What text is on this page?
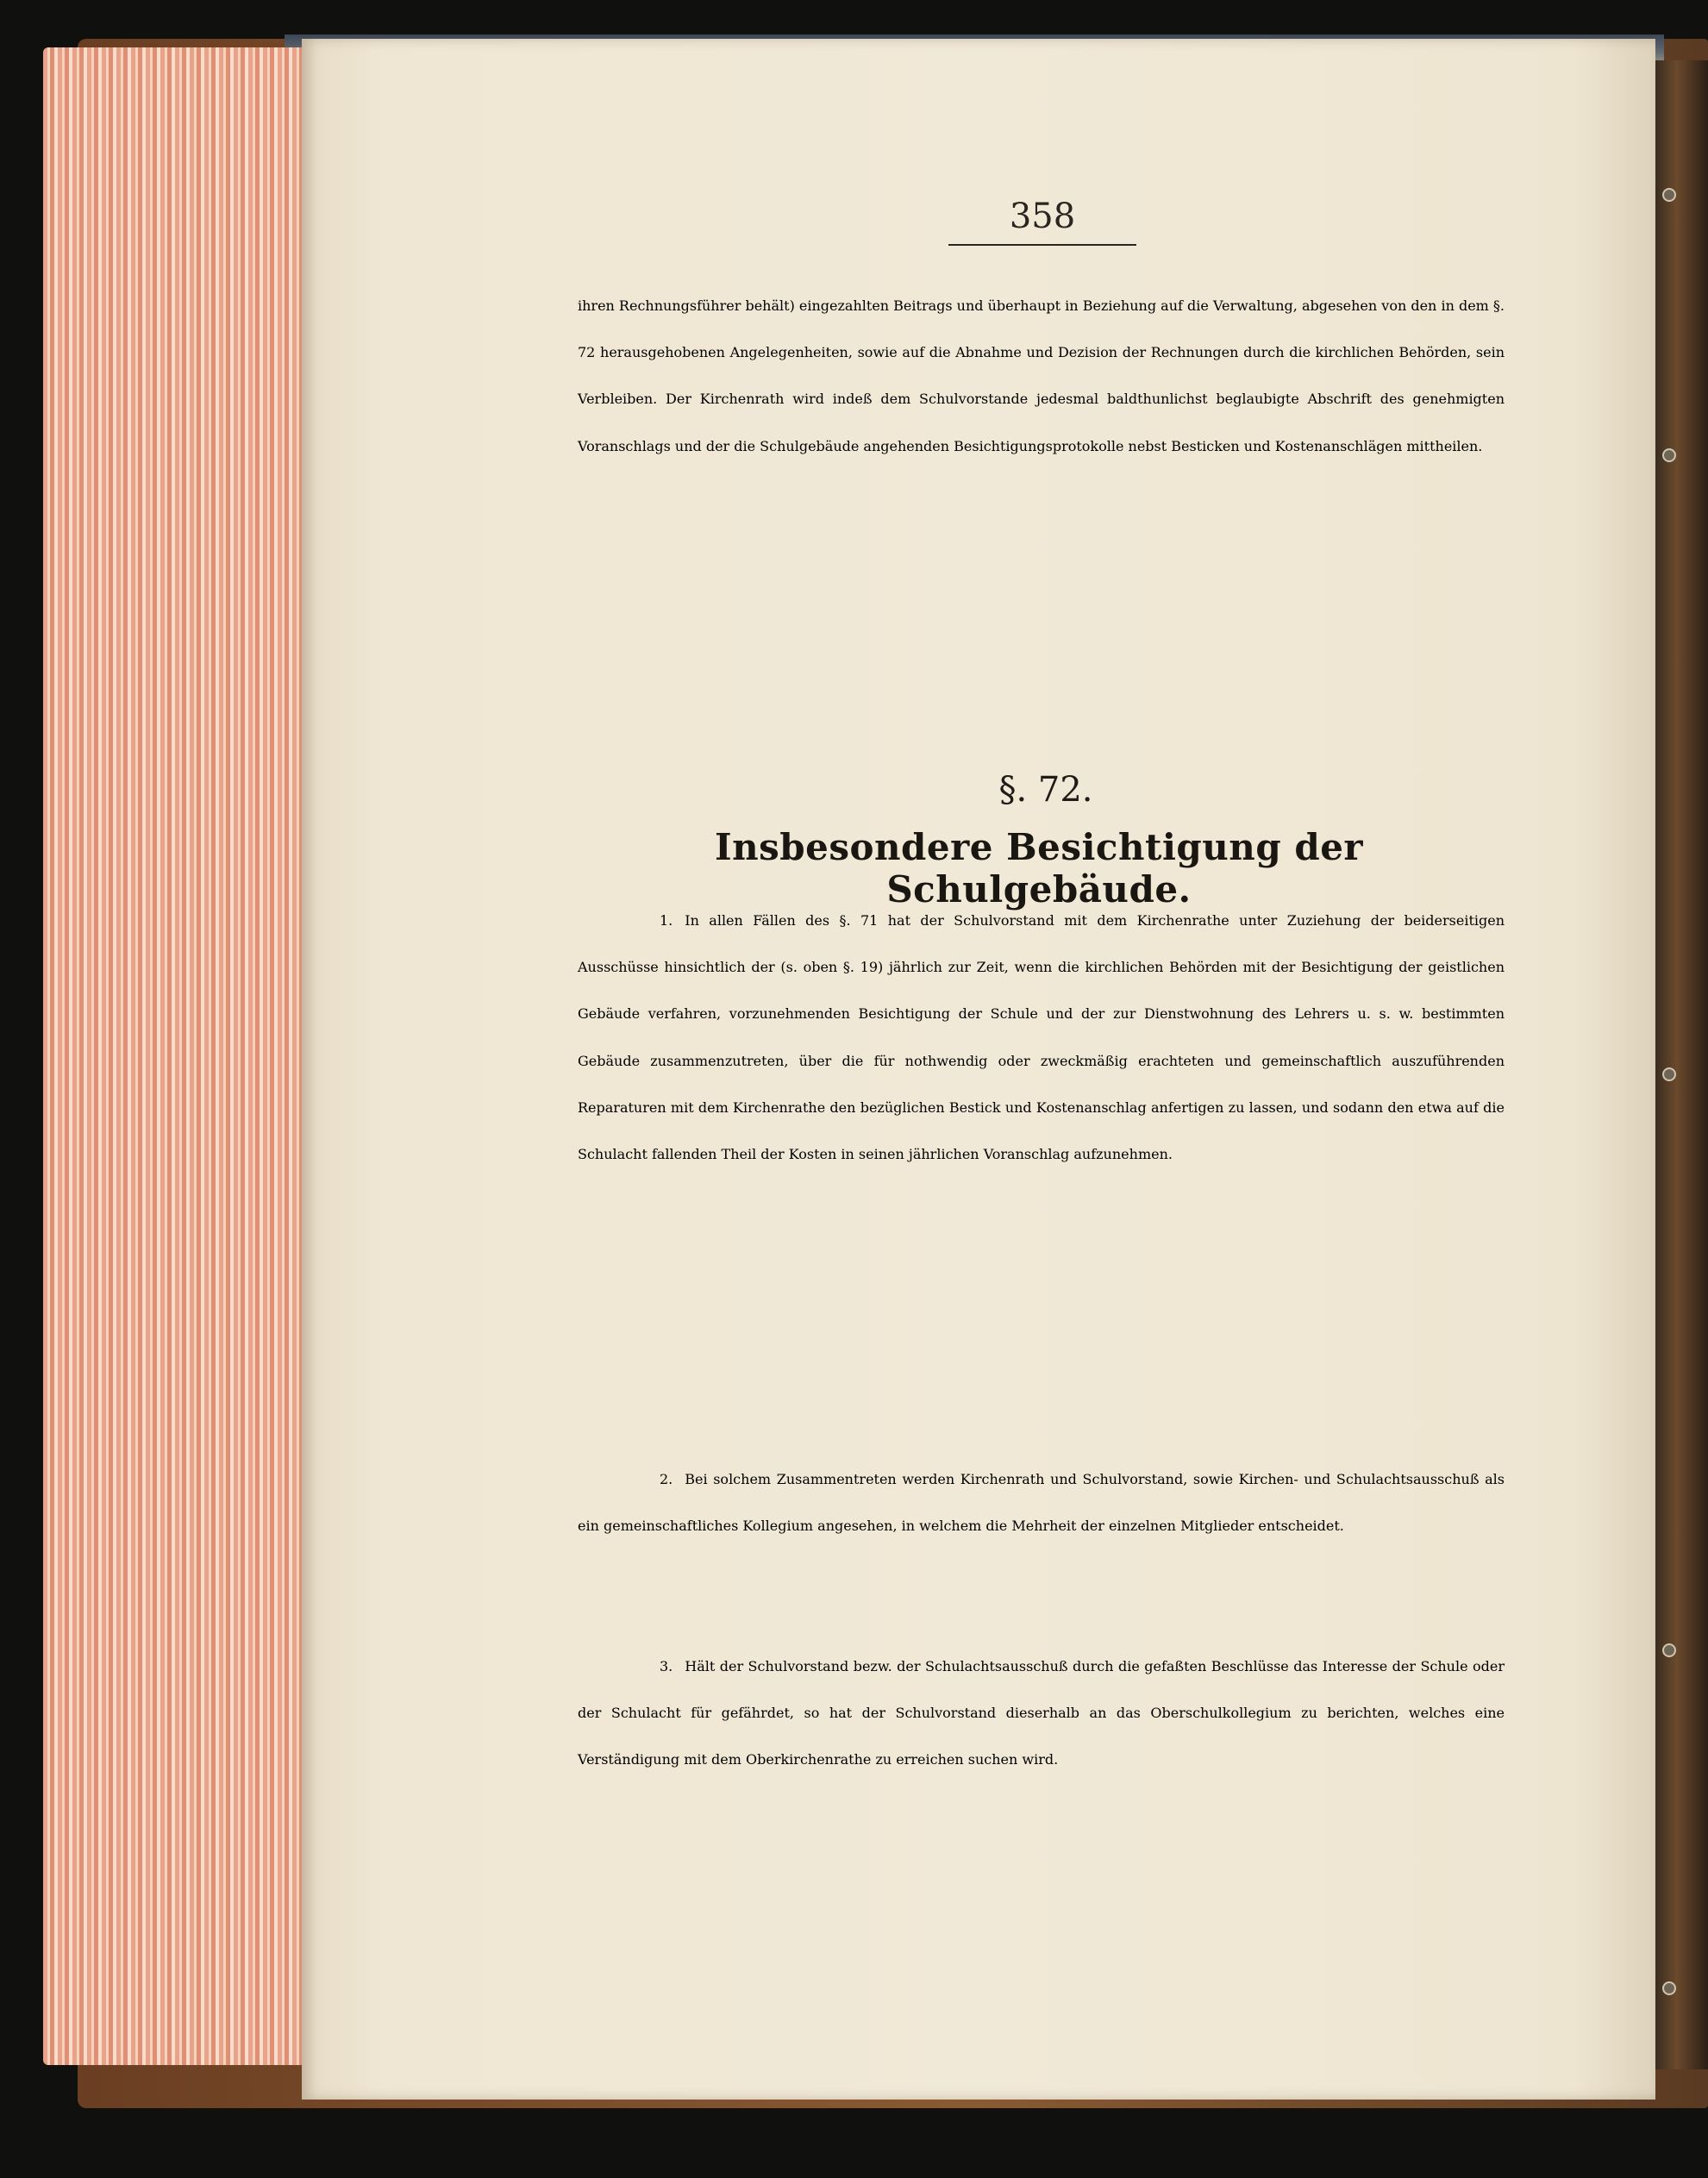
358

ihren Rechnungsführer behält) eingezahlten Beitrags und überhaupt in Beziehung auf die Verwaltung, abgesehen von den in dem §. 72 herausgehobenen Angelegenheiten, sowie auf die Abnahme und Dezision der Rechnungen durch die kirchlichen Behörden, sein Verbleiben. Der Kirchenrath wird indeß dem Schulvorstande jedesmal baldthunlichst beglaubigte Abschrift des genehmigten Voranschlags und der die Schulgebäude angehenden Besichtigungsprotokolle nebst Besticken und Kostenanschlägen mittheilen.

§. 72.
Insbesondere Besichtigung der Schulgebäude.

1. In allen Fällen des §. 71 hat der Schulvorstand mit dem Kirchenrathe unter Zuziehung der beiderseitigen Ausschüsse hinsichtlich der (s. oben §. 19) jährlich zur Zeit, wenn die kirchlichen Behörden mit der Besichtigung der geistlichen Gebäude verfahren, vorzunehmenden Besichtigung der Schule und der zur Dienstwohnung des Lehrers u. s. w. bestimmten Gebäude zusammenzutreten, über die für nothwendig oder zweckmäßig erachteten und gemeinschaftlich auszuführenden Reparaturen mit dem Kirchenrathe den bezüglichen Bestick und Kostenanschlag anfertigen zu lassen, und sodann den etwa auf die Schulacht fallenden Theil der Kosten in seinen jährlichen Voranschlag aufzunehmen.

2. Bei solchem Zusammentreten werden Kirchenrath und Schulvorstand, sowie Kirchen- und Schulachtsausschuß als ein gemeinschaftliches Kollegium angesehen, in welchem die Mehrheit der einzelnen Mitglieder entscheidet.

3. Hält der Schulvorstand bezw. der Schulachtsausschuß durch die gefaßten Beschlüsse das Interesse der Schule oder der Schulacht für gefährdet, so hat der Schulvorstand dieserhalb an das Oberschulkollegium zu berichten, welches eine Verständigung mit dem Oberkirchenrathe zu erreichen suchen wird.
